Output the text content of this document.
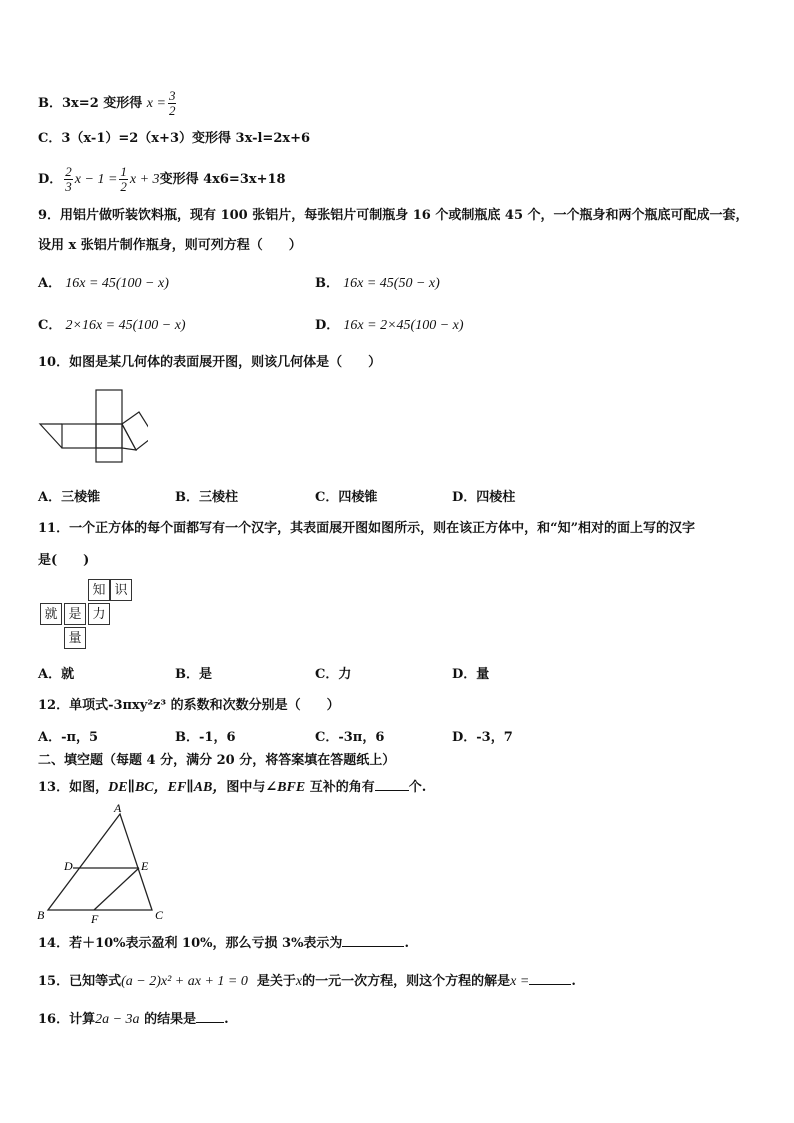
B．3x=2 变形得 $x = \frac{3}{2}$
C．3（x-1）=2（x+3）变形得 3x-l=2x+6
D． $\frac{2}{3}$ $x - 1 = \frac{1}{2}$ x + 3变形得 4x6=3x+18
9．用铝片做听装饮料瓶，现有 100 张铝片，每张铝片可制瓶身 16 个或制瓶底 45 个，一个瓶身和两个瓶底可配成一套，
设用 x 张铝片制作瓶身，则可列方程（　　）
A． 16x = 45(100 − x)	B． 16x = 45(50 − x)
C． 2×16x = 45(100 − x)	D． 16x = 2×45(100 − x)
10．如图是某几何体的表面展开图，则该几何体是（　　）
A．三棱锥	B．三棱柱	C．四棱锥	D．四棱柱
11．一个正方体的每个面都写有一个汉字，其表面展开图如图所示，则在该正方体中，和“知”相对的面上写的汉字
是(　　)
知 识
就 是 力
量
A．就	B．是	C．力	D．量
12．单项式-3πxy²z³ 的系数和次数分别是（　　）
A．-π，5	B．-1，6	C．-3π，6	D．-3，7
二、填空题（每题 4 分，满分 20 分，将答案填在答题纸上）
13．如图，DE∥BC，EF∥AB，图中与∠BFE 互补的角有	个.
A
D	E
B	F	C
14．若＋10%表示盈利 10%，那么亏损 3%表示为	.
15．已知等式(a − 2)x² + ax + 1 = 0 是关于x的一元一次方程，则这个方程的解是x =	.
16．计算2a − 3a 的结果是 .
